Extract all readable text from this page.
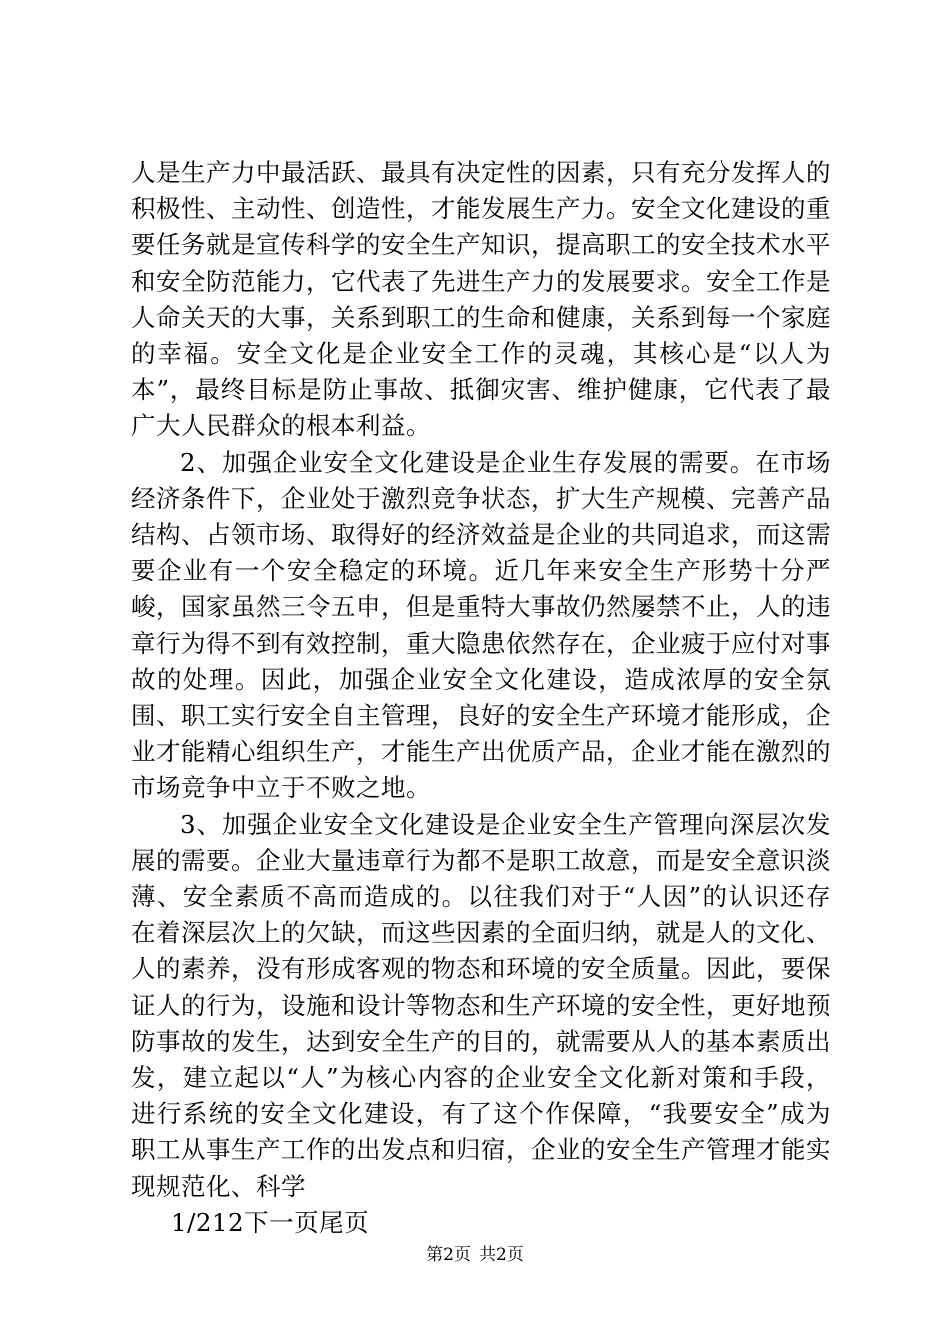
人是生产力中最活跃、最具有决定性的因素，只有充分发挥人的积极性、主动性、创造性，才能发展生产力。安全文化建设的重要任务就是宣传科学的安全生产知识，提高职工的安全技术水平和安全防范能力，它代表了先进生产力的发展要求。安全工作是人命关天的大事，关系到职工的生命和健康，关系到每一个家庭的幸福。安全文化是企业安全工作的灵魂，其核心是“以人为本”，最终目标是防止事故、抵御灾害、维护健康，它代表了最广大人民群众的根本利益。

2、加强企业安全文化建设是企业生存发展的需要。在市场经济条件下，企业处于激烈竞争状态，扩大生产规模、完善产品结构、占领市场、取得好的经济效益是企业的共同追求，而这需要企业有一个安全稳定的环境。近几年来安全生产形势十分严峻，国家虽然三令五申，但是重特大事故仍然屡禁不止，人的违章行为得不到有效控制，重大隐患依然存在，企业疲于应付对事故的处理。因此，加强企业安全文化建设，造成浓厚的安全氛围、职工实行安全自主管理，良好的安全生产环境才能形成，企业才能精心组织生产，才能生产出优质产品，企业才能在激烈的市场竞争中立于不败之地。

3、加强企业安全文化建设是企业安全生产管理向深层次发展的需要。企业大量违章行为都不是职工故意，而是安全意识淡薄、安全素质不高而造成的。以往我们对于“人因”的认识还存在着深层次上的欠缺，而这些因素的全面归纳，就是人的文化、人的素养，没有形成客观的物态和环境的安全质量。因此，要保证人的行为，设施和设计等物态和生产环境的安全性，更好地预防事故的发生，达到安全生产的目的，就需要从人的基本素质出发，建立起以“人”为核心内容的企业安全文化新对策和手段，进行系统的安全文化建设，有了这个作保障，“我要安全”成为职工从事生产工作的出发点和归宿，企业的安全生产管理才能实现规范化、科学

1/212下一页尾页
第2页 共2页
